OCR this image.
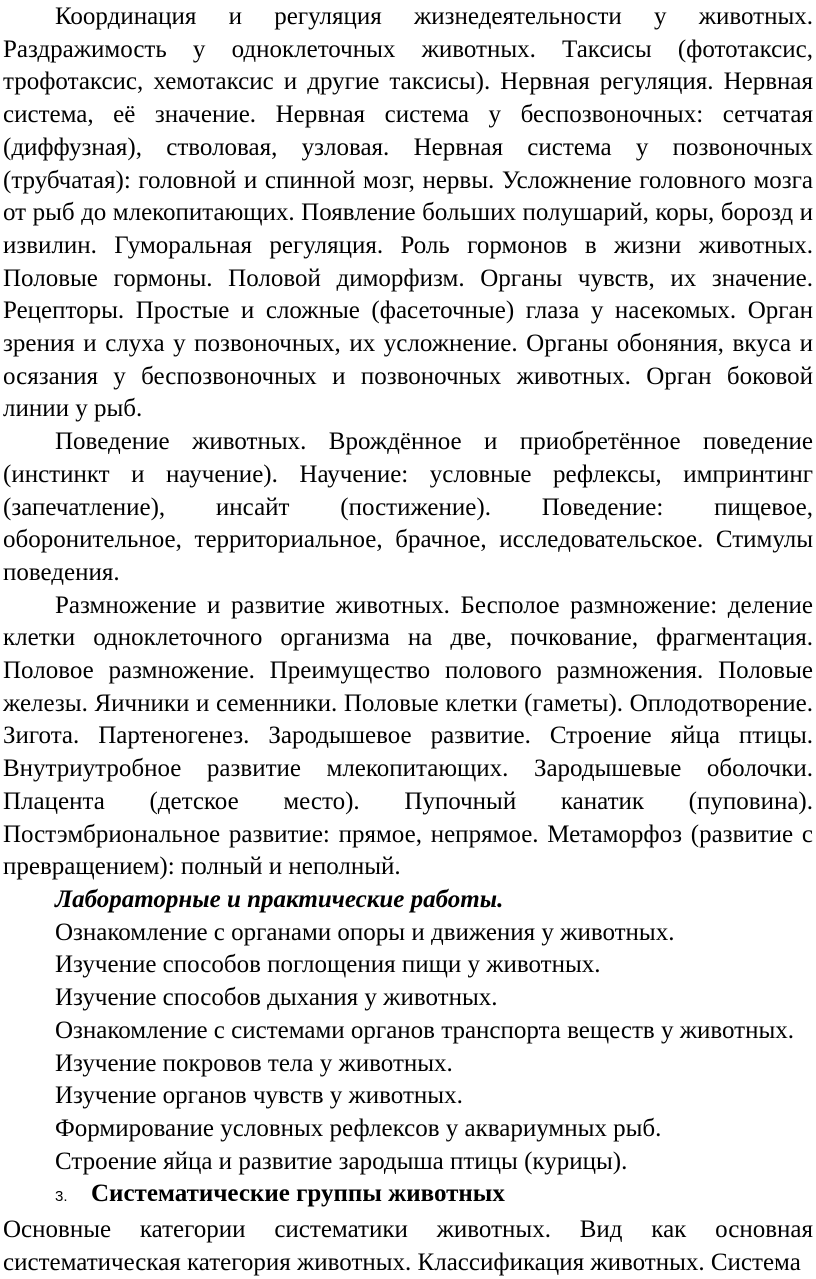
Координация и регуляция жизнедеятельности у животных. Раздражимость у одноклеточных животных. Таксисы (фототаксис, трофотаксис, хемотаксис и другие таксисы). Нервная регуляция. Нервная система, её значение. Нервная система у беспозвоночных: сетчатая (диффузная), стволовая, узловая. Нервная система у позвоночных (трубчатая): головной и спинной мозг, нервы. Усложнение головного мозга от рыб до млекопитающих. Появление больших полушарий, коры, борозд и извилин. Гуморальная регуляция. Роль гормонов в жизни животных. Половые гормоны. Половой диморфизм. Органы чувств, их значение. Рецепторы. Простые и сложные (фасеточные) глаза у насекомых. Орган зрения и слуха у позвоночных, их усложнение. Органы обоняния, вкуса и осязания у беспозвоночных и позвоночных животных. Орган боковой линии у рыб.

Поведение животных. Врождённое и приобретённое поведение (инстинкт и научение). Научение: условные рефлексы, импринтинг (запечатление), инсайт (постижение). Поведение: пищевое, оборонительное, территориальное, брачное, исследовательское. Стимулы поведения.

Размножение и развитие животных. Бесполое размножение: деление клетки одноклеточного организма на две, почкование, фрагментация. Половое размножение. Преимущество полового размножения. Половые железы. Яичники и семенники. Половые клетки (гаметы). Оплодотворение. Зигота. Партеногенез. Зародышевое развитие. Строение яйца птицы. Внутриутробное развитие млекопитающих. Зародышевые оболочки. Плацента (детское место). Пупочный канатик (пуповина). Постэмбриональное развитие: прямое, непрямое. Метаморфоз (развитие с превращением): полный и неполный.

Лабораторные и практические работы.

Ознакомление с органами опоры и движения у животных.

Изучение способов поглощения пищи у животных.

Изучение способов дыхания у животных.

Ознакомление с системами органов транспорта веществ у животных.

Изучение покровов тела у животных.

Изучение органов чувств у животных.

Формирование условных рефлексов у аквариумных рыб.

Строение яйца и развитие зародыша птицы (курицы).

3. Систематические группы животных

Основные категории систематики животных. Вид как основная систематическая категория животных. Классификация животных. Система
